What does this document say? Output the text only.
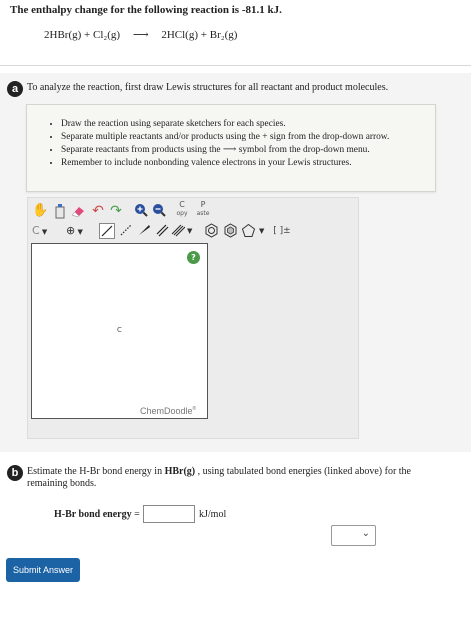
The enthalpy change for the following reaction is -81.1 kJ.
2HBr(g) + Cl₂(g) ⟶ 2HCl(g) + Br₂(g)
a To analyze the reaction, first draw Lewis structures for all reactant and product molecules.
• Draw the reaction using separate sketchers for each species.
• Separate multiple reactants and/or products using the + sign from the drop-down arrow.
• Separate reactants from products using the ⟶ symbol from the drop-down menu.
• Remember to include nonbonding valence electrons in your Lewis structures.
✋	↶ ↷	C
opy
P
aste
C ▼	⊕ ▼	▼	▼ [ ]±
C
?
ChemDoodle®
⌄
b Estimate the H-Br bond energy in HBr(g) , using tabulated bond energies (linked above) for the remaining bonds.
H-Br bond energy =	kJ/mol
Submit Answer
